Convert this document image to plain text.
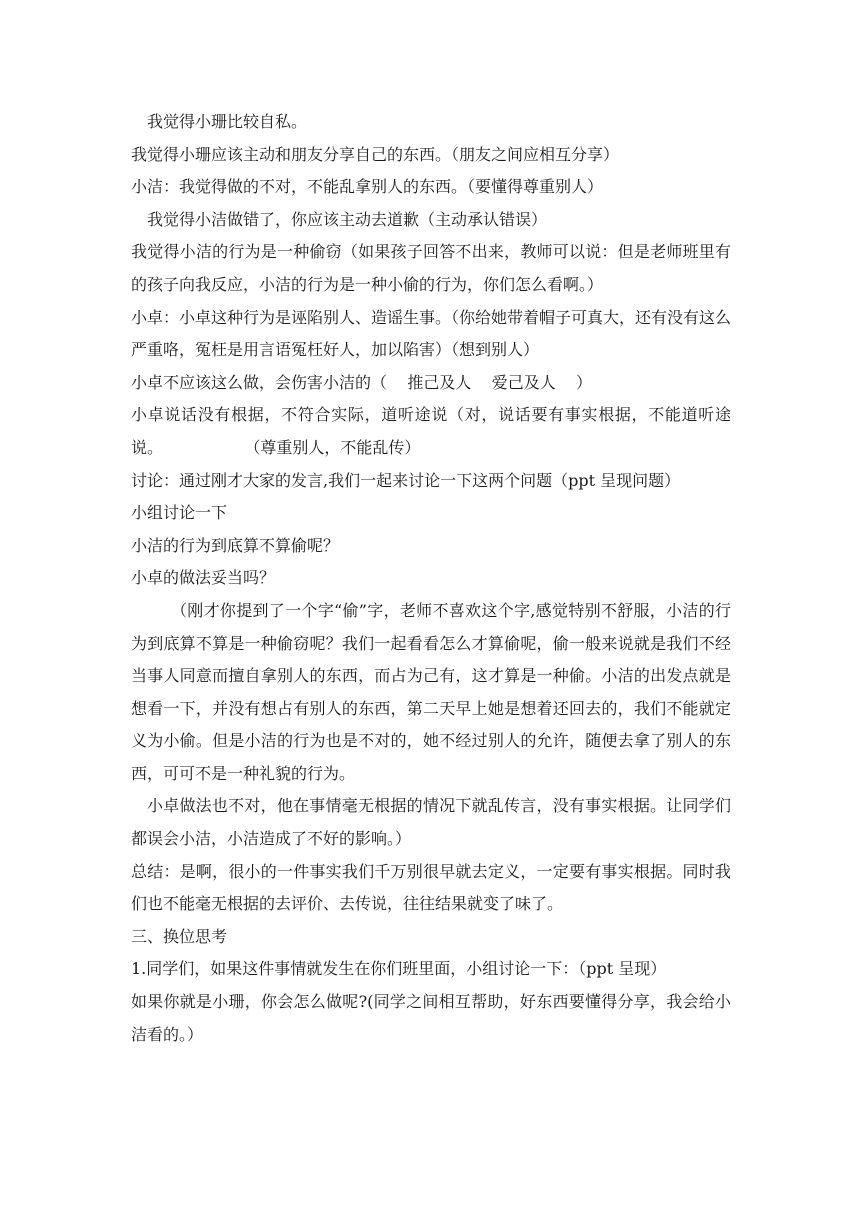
我觉得小珊比较自私。

我觉得小珊应该主动和朋友分享自己的东西。（朋友之间应相互分享）

小洁：我觉得做的不对，不能乱拿别人的东西。（要懂得尊重别人）

我觉得小洁做错了，你应该主动去道歉（主动承认错误）

我觉得小洁的行为是一种偷窃（如果孩子回答不出来，教师可以说：但是老师班里有的孩子向我反应，小洁的行为是一种小偷的行为，你们怎么看啊。）

小卓：小卓这种行为是诬陷别人、造谣生事。（你给她带着帽子可真大，还有没有这么严重咯，冤枉是用言语冤枉好人，加以陷害）（想到别人）

小卓不应该这么做，会伤害小洁的（    推己及人    爱己及人    ）

小卓说话没有根据，不符合实际，道听途说（对，说话要有事实根据，不能道听途说。                （尊重别人，不能乱传）

讨论：通过刚才大家的发言,我们一起来讨论一下这两个问题（ppt 呈现问题）

小组讨论一下

小洁的行为到底算不算偷呢？

小卓的做法妥当吗？

（刚才你提到了一个字“偷”字，老师不喜欢这个字,感觉特别不舒服，小洁的行为到底算不算是一种偷窃呢？我们一起看看怎么才算偷呢，偷一般来说就是我们不经当事人同意而擅自拿别人的东西，而占为己有，这才算是一种偷。小洁的出发点就是想看一下，并没有想占有别人的东西，第二天早上她是想着还回去的，我们不能就定义为小偷。但是小洁的行为也是不对的，她不经过别人的允许，随便去拿了别人的东西，可可不是一种礼貌的行为。

小卓做法也不对，他在事情毫无根据的情况下就乱传言，没有事实根据。让同学们都误会小洁，小洁造成了不好的影响。）

总结：是啊，很小的一件事实我们千万别很早就去定义，一定要有事实根据。同时我们也不能毫无根据的去评价、去传说，往往结果就变了味了。

三、换位思考

1.同学们，如果这件事情就发生在你们班里面，小组讨论一下：（ppt 呈现）

如果你就是小珊，你会怎么做呢?(同学之间相互帮助，好东西要懂得分享，我会给小洁看的。）
